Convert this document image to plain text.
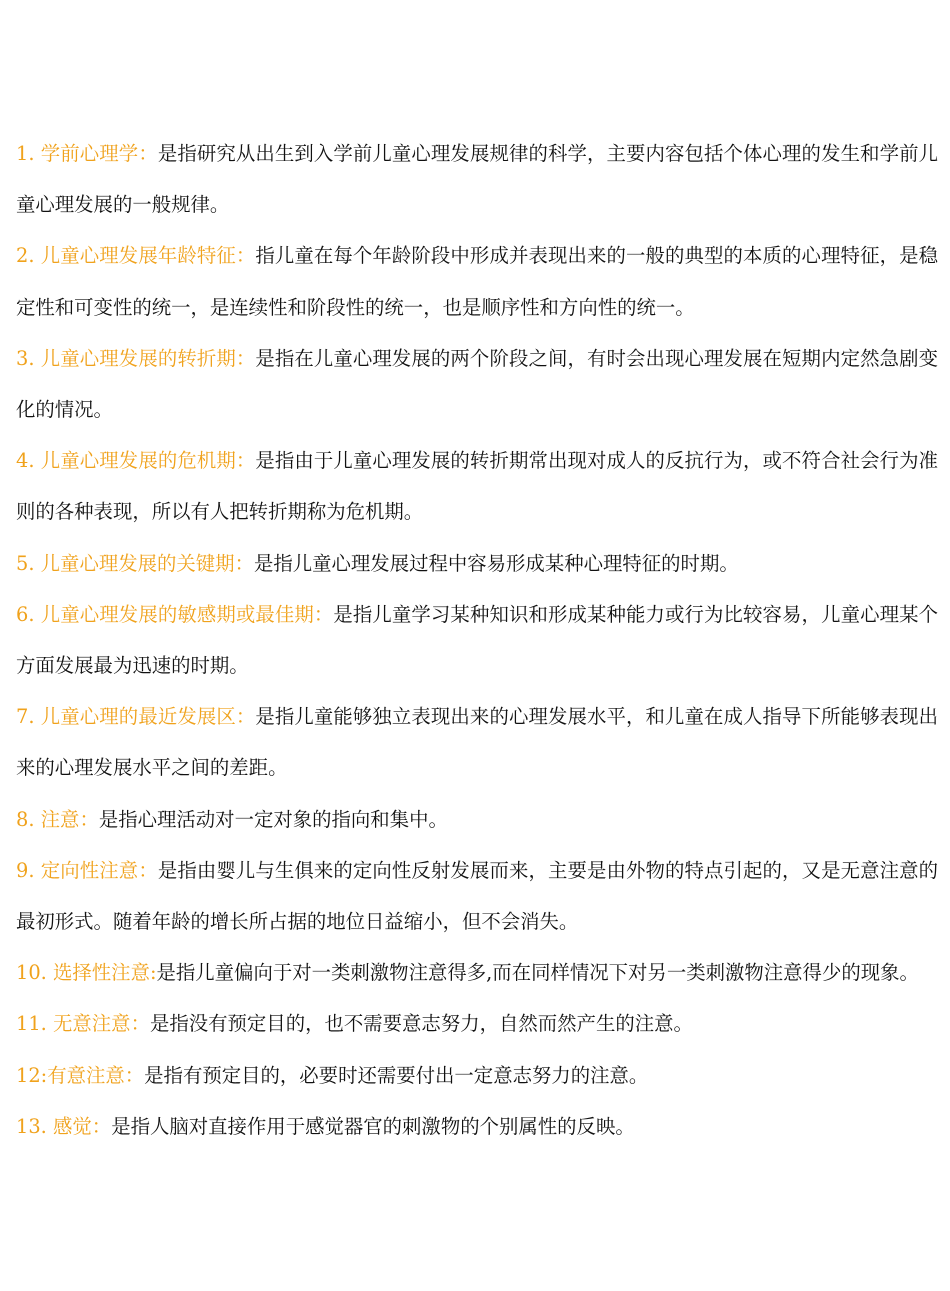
1. 学前心理学：是指研究从出生到入学前儿童心理发展规律的科学，主要内容包括个体心理的发生和学前儿童心理发展的一般规律。

2. 儿童心理发展年龄特征：指儿童在每个年龄阶段中形成并表现出来的一般的典型的本质的心理特征，是稳定性和可变性的统一，是连续性和阶段性的统一，也是顺序性和方向性的统一。

3. 儿童心理发展的转折期：是指在儿童心理发展的两个阶段之间，有时会出现心理发展在短期内定然急剧变化的情况。

4. 儿童心理发展的危机期：是指由于儿童心理发展的转折期常出现对成人的反抗行为，或不符合社会行为准则的各种表现，所以有人把转折期称为危机期。

5. 儿童心理发展的关键期：是指儿童心理发展过程中容易形成某种心理特征的时期。

6. 儿童心理发展的敏感期或最佳期：是指儿童学习某种知识和形成某种能力或行为比较容易，儿童心理某个方面发展最为迅速的时期。

7. 儿童心理的最近发展区：是指儿童能够独立表现出来的心理发展水平，和儿童在成人指导下所能够表现出来的心理发展水平之间的差距。

8. 注意：是指心理活动对一定对象的指向和集中。

9. 定向性注意：是指由婴儿与生俱来的定向性反射发展而来，主要是由外物的特点引起的，又是无意注意的最初形式。随着年龄的增长所占据的地位日益缩小，但不会消失。

10. 选择性注意:是指儿童偏向于对一类刺激物注意得多,而在同样情况下对另一类刺激物注意得少的现象。

11. 无意注意：是指没有预定目的，也不需要意志努力，自然而然产生的注意。

12:有意注意：是指有预定目的，必要时还需要付出一定意志努力的注意。

13. 感觉：是指人脑对直接作用于感觉器官的刺激物的个别属性的反映。
